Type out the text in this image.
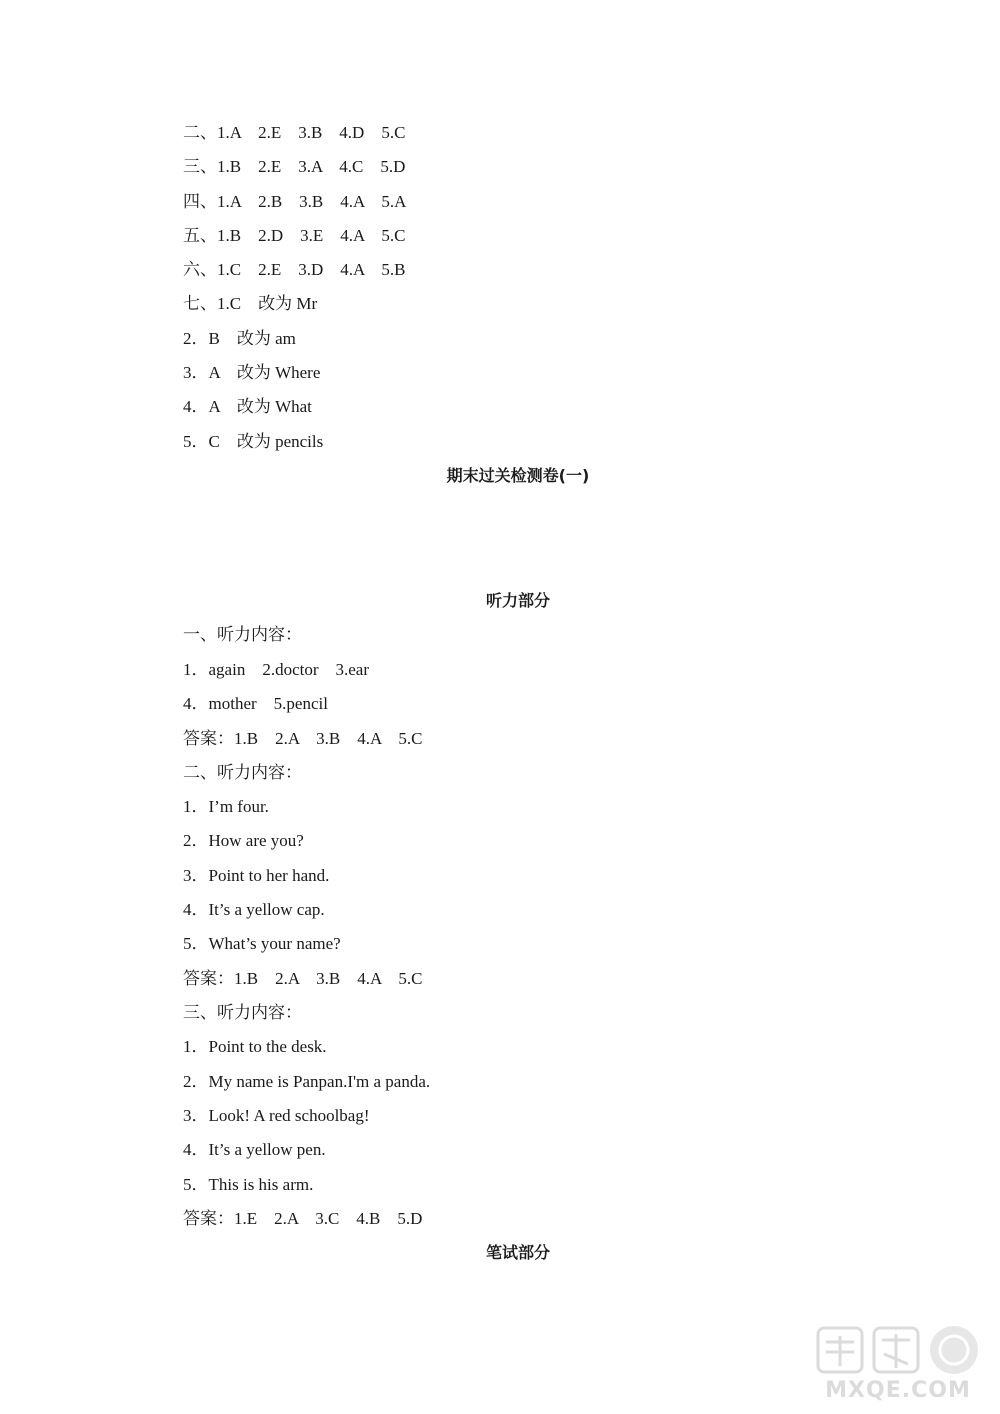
二、1.A    2.E    3.B    4.D    5.C
三、1.B    2.E    3.A    4.C    5.D
四、1.A    2.B    3.B    4.A    5.A
五、1.B    2.D    3.E    4.A    5.C
六、1.C    2.E    3.D    4.A    5.B
七、1.C    改为 Mr
2．B    改为 am
3．A    改为 Where
4．A    改为 What
5．C    改为 pencils
期末过关检测卷(一)
听力部分
一、听力内容：
1．again    2.doctor    3.ear
4．mother    5.pencil
答案：1.B    2.A    3.B    4.A    5.C
二、听力内容：
1．I’m four.
2．How are you?
3．Point to her hand.
4．It’s a yellow cap.
5．What’s your name?
答案：1.B    2.A    3.B    4.A    5.C
三、听力内容：
1．Point to the desk.
2．My name is Panpan.I'm a panda.
3．Look! A red schoolbag!
4．It’s a yellow pen.
5．This is his arm.
答案：1.E    2.A    3.C    4.B    5.D
笔试部分
MXQE.COM
